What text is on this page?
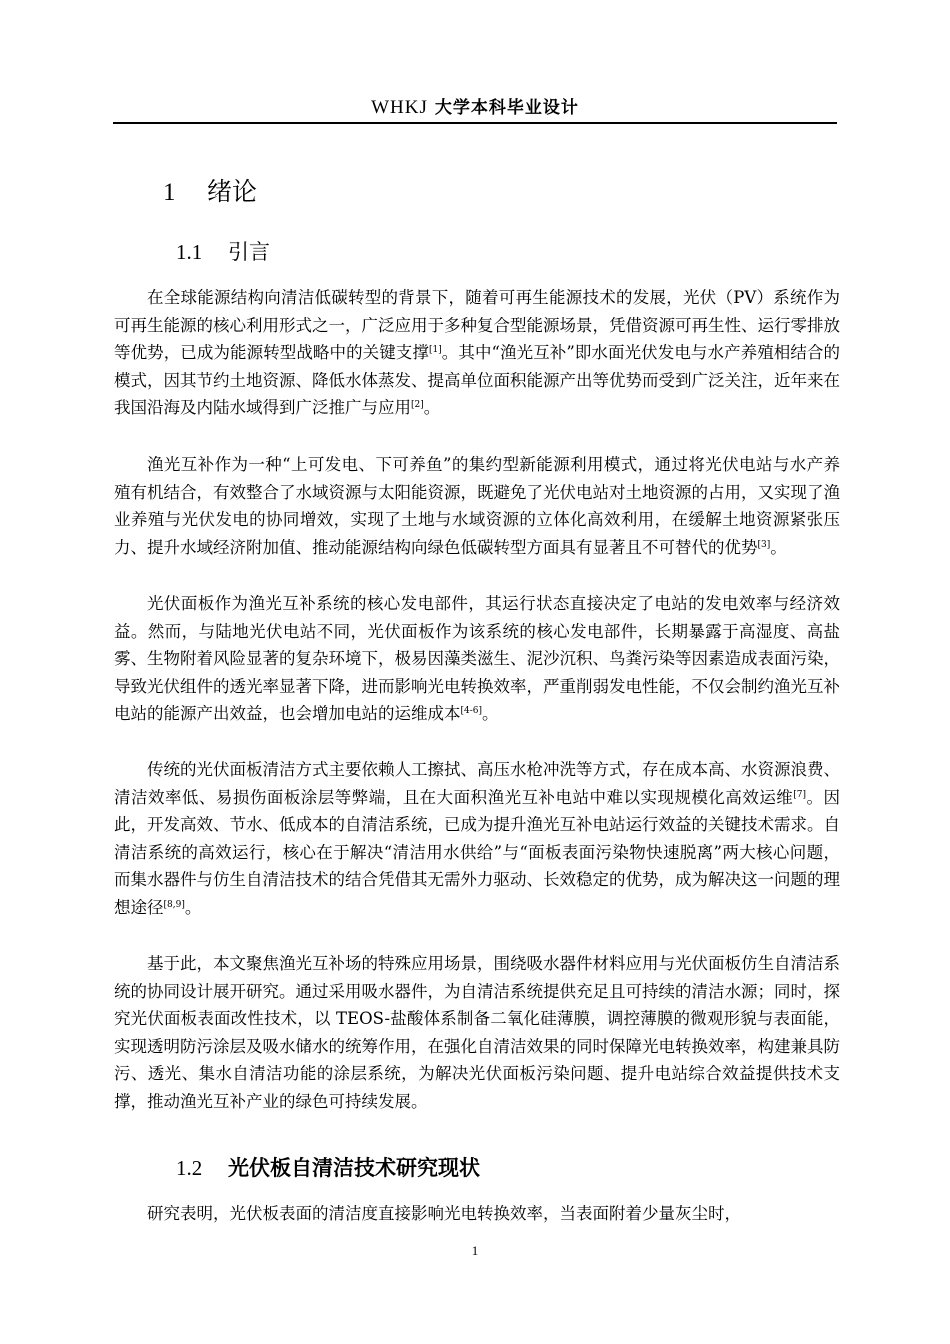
WHKJ 大学本科毕业设计
1 绪论
1.1 引言

在全球能源结构向清洁低碳转型的背景下，随着可再生能源技术的发展，光伏（PV）系统作为可再生能源的核心利用形式之一，广泛应用于多种复合型能源场景，凭借资源可再生性、运行零排放等优势，已成为能源转型战略中的关键支撑[1]。其中“渔光互补”即水面光伏发电与水产养殖相结合的模式，因其节约土地资源、降低水体蒸发、提高单位面积能源产出等优势而受到广泛关注，近年来在我国沿海及内陆水域得到广泛推广与应用[2]。

渔光互补作为一种“上可发电、下可养鱼”的集约型新能源利用模式，通过将光伏电站与水产养殖有机结合，有效整合了水域资源与太阳能资源，既避免了光伏电站对土地资源的占用，又实现了渔业养殖与光伏发电的协同增效，实现了土地与水域资源的立体化高效利用，在缓解土地资源紧张压力、提升水域经济附加值、推动能源结构向绿色低碳转型方面具有显著且不可替代的优势[3]。

光伏面板作为渔光互补系统的核心发电部件，其运行状态直接决定了电站的发电效率与经济效益。然而，与陆地光伏电站不同，光伏面板作为该系统的核心发电部件，长期暴露于高湿度、高盐雾、生物附着风险显著的复杂环境下，极易因藻类滋生、泥沙沉积、鸟粪污染等因素造成表面污染，导致光伏组件的透光率显著下降，进而影响光电转换效率，严重削弱发电性能，不仅会制约渔光互补电站的能源产出效益，也会增加电站的运维成本[4-6]。

传统的光伏面板清洁方式主要依赖人工擦拭、高压水枪冲洗等方式，存在成本高、水资源浪费、清洁效率低、易损伤面板涂层等弊端，且在大面积渔光互补电站中难以实现规模化高效运维[7]。因此，开发高效、节水、低成本的自清洁系统，已成为提升渔光互补电站运行效益的关键技术需求。自清洁系统的高效运行，核心在于解决“清洁用水供给”与“面板表面污染物快速脱离”两大核心问题，而集水器件与仿生自清洁技术的结合凭借其无需外力驱动、长效稳定的优势，成为解决这一问题的理想途径[8,9]。

基于此，本文聚焦渔光互补场的特殊应用场景，围绕吸水器件材料应用与光伏面板仿生自清洁系统的协同设计展开研究。通过采用吸水器件，为自清洁系统提供充足且可持续的清洁水源；同时，探究光伏面板表面改性技术，以 TEOS-盐酸体系制备二氧化硅薄膜，调控薄膜的微观形貌与表面能，实现透明防污涂层及吸水储水的统筹作用，在强化自清洁效果的同时保障光电转换效率，构建兼具防污、透光、集水自清洁功能的涂层系统，为解决光伏面板污染问题、提升电站综合效益提供技术支撑，推动渔光互补产业的绿色可持续发展。

1.2 光伏板自清洁技术研究现状

研究表明，光伏板表面的清洁度直接影响光电转换效率，当表面附着少量灰尘时，

1
